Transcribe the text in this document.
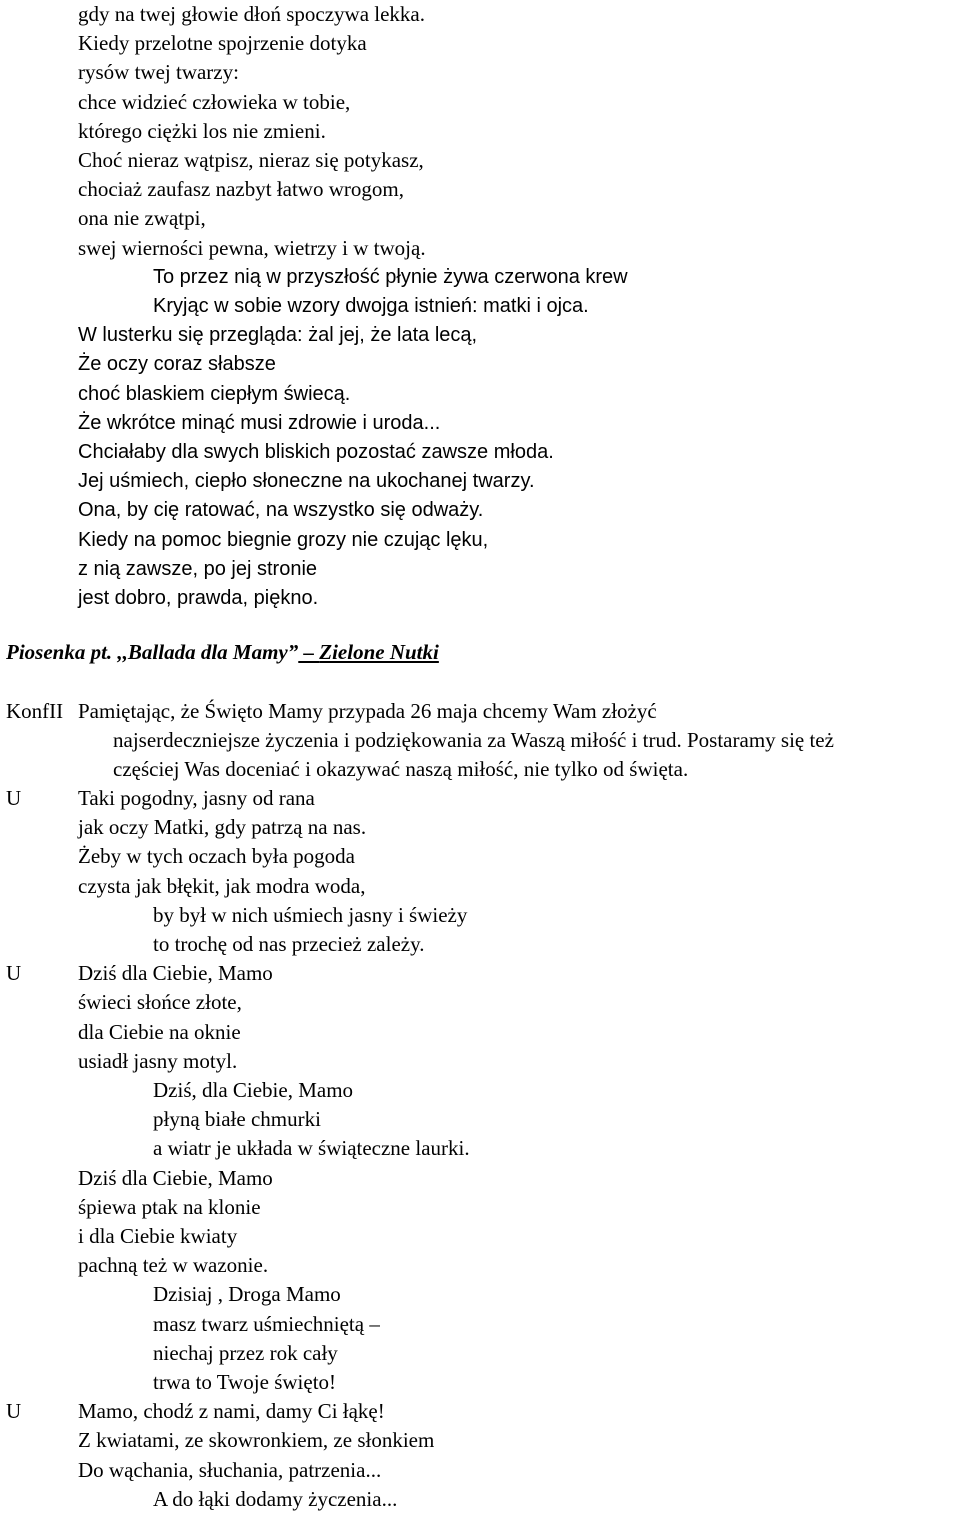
gdy na twej głowie dłoń spoczywa lekka.
Kiedy przelotne spojrzenie dotyka
rysów twej twarzy:
chce widzieć człowieka w tobie,
którego ciężki los nie zmieni.
Choć nieraz wątpisz, nieraz się potykasz,
chociaż zaufasz nazbyt łatwo wrogom,
ona nie zwątpi,
swej wierności pewna, wietrzy i w twoją.
To przez nią w przyszłość płynie żywa czerwona krew
Kryjąc w sobie wzory dwojga istnień: matki i ojca.
W lusterku się przegląda: żal jej, że lata lecą,
Że oczy coraz słabsze
choć blaskiem ciepłym świecą.
Że wkrótce minąć musi zdrowie i uroda...
Chciałaby dla swych bliskich pozostać zawsze młoda.
Jej uśmiech, ciepło słoneczne na ukochanej twarzy.
Ona, by cię ratować, na wszystko się odważy.
Kiedy na pomoc biegnie grozy nie czując lęku,
z nią zawsze, po jej stronie
jest dobro, prawda, piękno.
Piosenka pt. ,,Ballada dla Mamy” – Zielone Nutki
KonfII Pamiętając, że Święto Mamy przypada 26 maja chcemy Wam złożyć
najserdeczniejsze życzenia i podziękowania za Waszą miłość i trud. Postaramy się też
częściej Was doceniać i okazywać naszą miłość, nie tylko od święta.
U	Taki pogodny, jasny od rana
jak oczy Matki, gdy patrzą na nas.
Żeby w tych oczach była pogoda
czysta jak błękit, jak modra woda,
by był w nich uśmiech jasny i świeży
to trochę od nas przecież zależy.
U	Dziś dla Ciebie, Mamo
świeci słońce złote,
dla Ciebie na oknie
usiadł jasny motyl.
Dziś, dla Ciebie, Mamo
płyną białe chmurki
a wiatr je układa w świąteczne laurki.
Dziś dla Ciebie, Mamo
śpiewa ptak na klonie
i dla Ciebie kwiaty
pachną też w wazonie.
Dzisiaj , Droga Mamo
masz twarz uśmiechniętą –
niechaj przez rok cały
trwa to Twoje święto!
U	Mamo, chodź z nami, damy Ci łąkę!
Z kwiatami, ze skowronkiem, ze słonkiem
Do wąchania, słuchania, patrzenia...
A do łąki dodamy życzenia...
